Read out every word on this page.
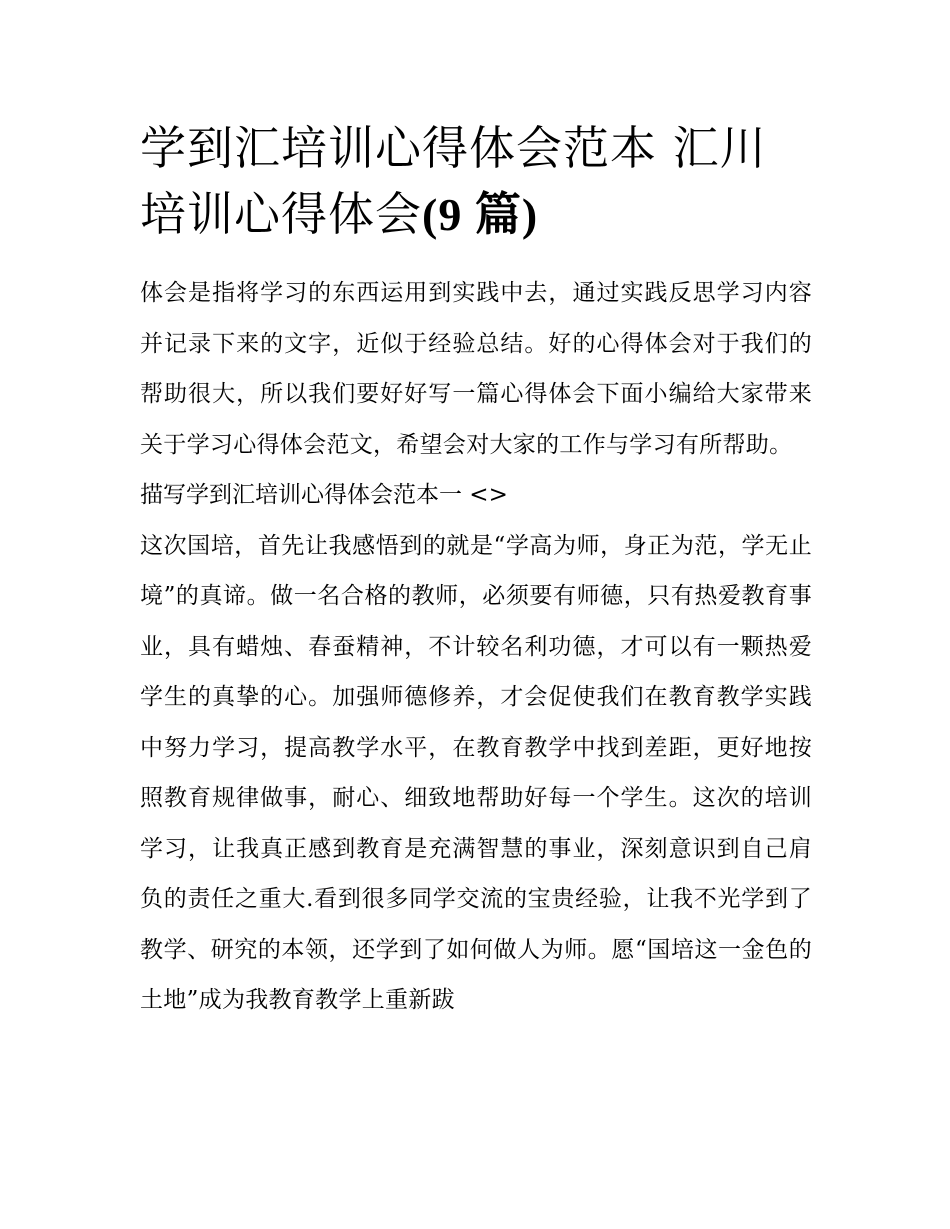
学到汇培训心得体会范本 汇川培训心得体会(9 篇)

体会是指将学习的东西运用到实践中去，通过实践反思学习内容并记录下来的文字，近似于经验总结。好的心得体会对于我们的帮助很大，所以我们要好好写一篇心得体会下面小编给大家带来关于学习心得体会范文，希望会对大家的工作与学习有所帮助。

描写学到汇培训心得体会范本一 <>

这次国培，首先让我感悟到的就是“学高为师，身正为范，学无止境”的真谛。做一名合格的教师，必须要有师德，只有热爱教育事业，具有蜡烛、春蚕精神，不计较名利功德，才可以有一颗热爱学生的真挚的心。加强师德修养，才会促使我们在教育教学实践中努力学习，提高教学水平，在教育教学中找到差距，更好地按照教育规律做事，耐心、细致地帮助好每一个学生。这次的培训学习，让我真正感到教育是充满智慧的事业，深刻意识到自己肩负的责任之重大.看到很多同学交流的宝贵经验，让我不光学到了教学、研究的本领，还学到了如何做人为师。愿“国培这一金色的土地”成为我教育教学上重新跋
